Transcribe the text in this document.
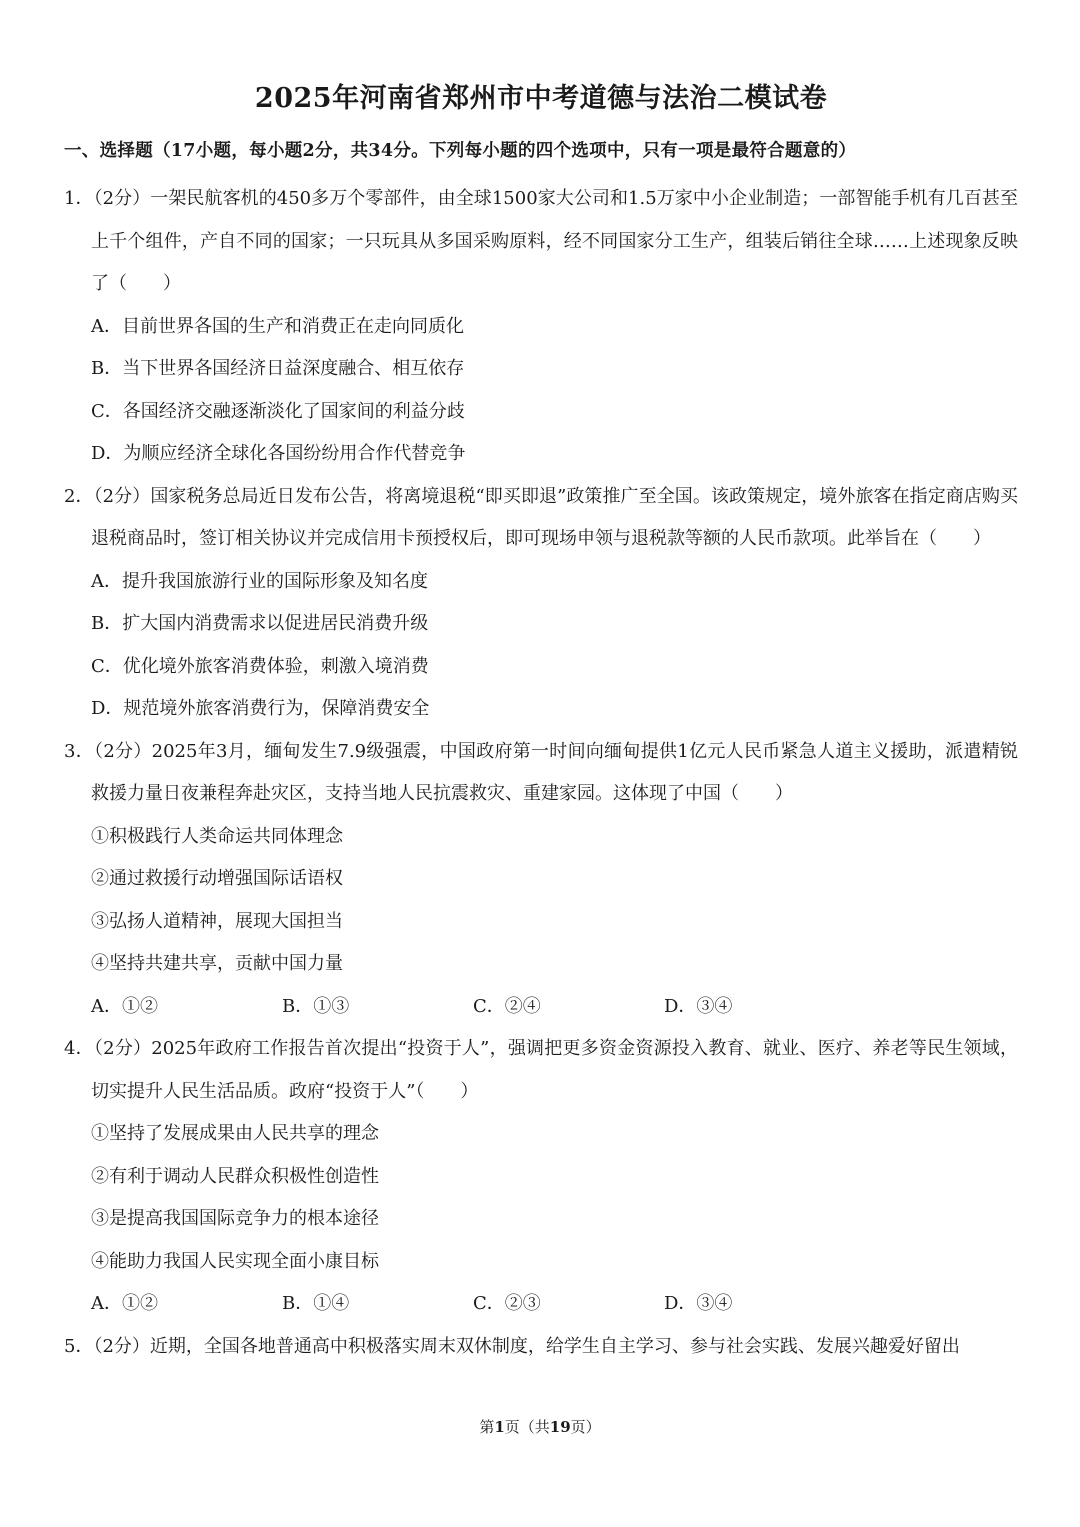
2025年河南省郑州市中考道德与法治二模试卷
一、选择题（17小题，每小题2分，共34分。下列每小题的四个选项中，只有一项是最符合题意的）
1．（2分）一架民航客机的450多万个零部件，由全球1500家大公司和1.5万家中小企业制造；一部智能手机有几百甚至上千个组件，产自不同的国家；一只玩具从多国采购原料，经不同国家分工生产，组装后销往全球……上述现象反映了（　　）
A．目前世界各国的生产和消费正在走向同质化
B．当下世界各国经济日益深度融合、相互依存
C．各国经济交融逐渐淡化了国家间的利益分歧
D．为顺应经济全球化各国纷纷用合作代替竞争
2．（2分）国家税务总局近日发布公告，将离境退税“即买即退”政策推广至全国。该政策规定，境外旅客在指定商店购买退税商品时，签订相关协议并完成信用卡预授权后，即可现场申领与退税款等额的人民币款项。此举旨在（　　）
A．提升我国旅游行业的国际形象及知名度
B．扩大国内消费需求以促进居民消费升级
C．优化境外旅客消费体验，刺激入境消费
D．规范境外旅客消费行为，保障消费安全
3．（2分）2025年3月，缅甸发生7.9级强震，中国政府第一时间向缅甸提供1亿元人民币紧急人道主义援助，派遣精锐救援力量日夜兼程奔赴灾区，支持当地人民抗震救灾、重建家园。这体现了中国（　　）
①积极践行人类命运共同体理念
②通过救援行动增强国际话语权
③弘扬人道精神，展现大国担当
④坚持共建共享，贡献中国力量
A．①②	B．①③	C．②④	D．③④
4．（2分）2025年政府工作报告首次提出“投资于人”，强调把更多资金资源投入教育、就业、医疗、养老等民生领域，切实提升人民生活品质。政府“投资于人”（　　）
①坚持了发展成果由人民共享的理念
②有利于调动人民群众积极性创造性
③是提高我国国际竞争力的根本途径
④能助力我国人民实现全面小康目标
A．①②	B．①④	C．②③	D．③④
5．（2分）近期，全国各地普通高中积极落实周末双休制度，给学生自主学习、参与社会实践、发展兴趣爱好留出
第1页（共19页）
